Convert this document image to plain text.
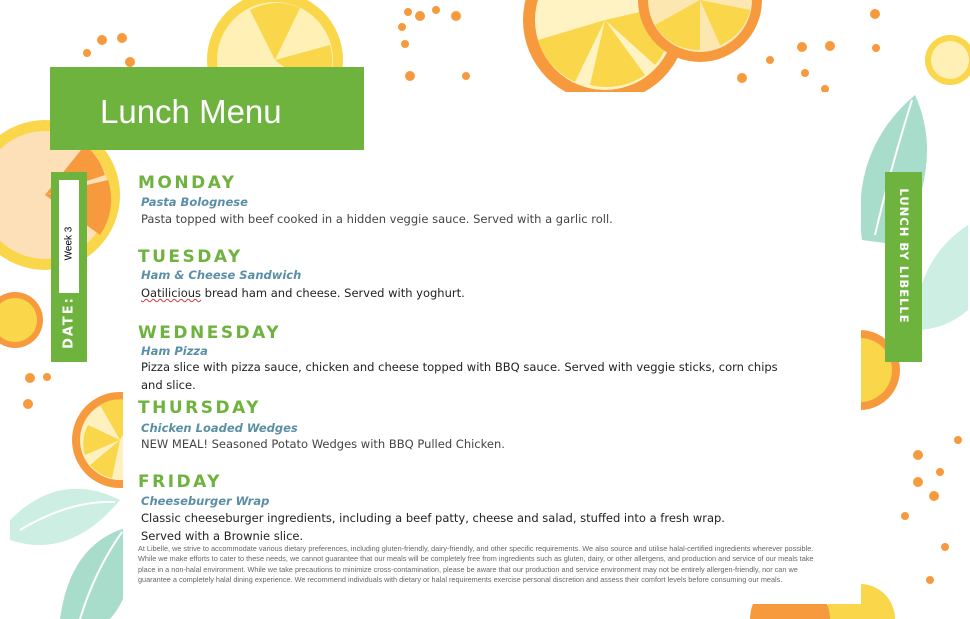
Lunch Menu
Week 3
DATE:	LUNCH BY LIBELLE
MONDAY
Pasta Bolognese
Pasta topped with beef cooked in a hidden veggie sauce. Served with a garlic roll.
TUESDAY
Ham & Cheese Sandwich
Oatilicious bread ham and cheese. Served with yoghurt.
WEDNESDAY
Ham Pizza
Pizza slice with pizza sauce, chicken and cheese topped with BBQ sauce. Served with veggie sticks, corn chips and slice.
THURSDAY
Chicken Loaded Wedges
NEW MEAL! Seasoned Potato Wedges with BBQ Pulled Chicken.
FRIDAY
Cheeseburger Wrap
Classic cheeseburger ingredients, including a beef patty, cheese and salad, stuffed into a fresh wrap. Served with a Brownie slice.
At Libelle, we strive to accommodate various dietary preferences, including gluten-friendly, dairy-friendly, and other specific requirements. We also source and utilise halal-certified ingredients wherever possible. While we make efforts to cater to these needs, we cannot guarantee that our meals will be completely free from ingredients such as gluten, dairy, or other allergens, and production and service of our meals take place in a non-halal environment. While we take precautions to minimize cross-contamination, please be aware that our production and service environment may not be entirely allergen-friendly, nor can we guarantee a completely halal dining experience. We recommend individuals with dietary or halal requirements exercise personal discretion and assess their comfort levels before consuming our meals.
